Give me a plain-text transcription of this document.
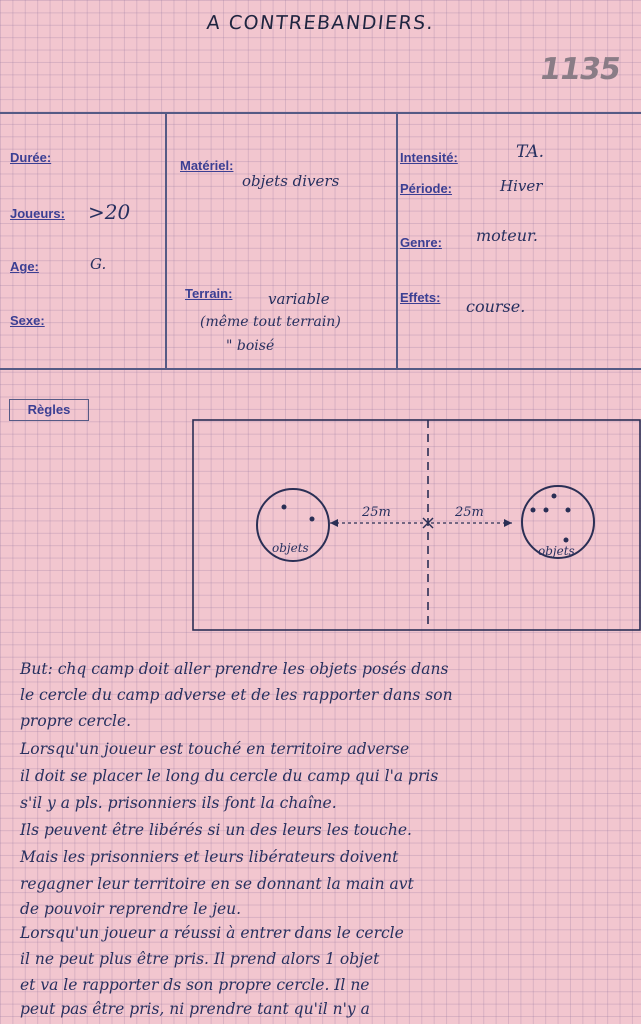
A CONTREBANDIERS.
1135
Durée:
Joueurs: >20
Age:	G.
Sexe:
Matériel:
objets divers
Terrain: variable
(même tout terrain)
" boisé
Intensité:	TA.
Période:	Hiver
Genre: moteur.
Effets: course.
Règles
25m	25m
objets	objets
But: chq camp doit aller prendre les objets posés dans
le cercle du camp adverse et de les rapporter dans son
propre cercle.
Lorsqu'un joueur est touché en territoire adverse
il doit se placer le long du cercle du camp qui l'a pris
s'il y a pls. prisonniers ils font la chaîne.
Ils peuvent être libérés si un des leurs les touche.
Mais les prisonniers et leurs libérateurs doivent
regagner leur territoire en se donnant la main avt
de pouvoir reprendre le jeu.
Lorsqu'un joueur a réussi à entrer dans le cercle
il ne peut plus être pris. Il prend alors 1 objet
et va le rapporter ds son propre cercle. Il ne
peut pas être pris, ni prendre tant qu'il n'y a
